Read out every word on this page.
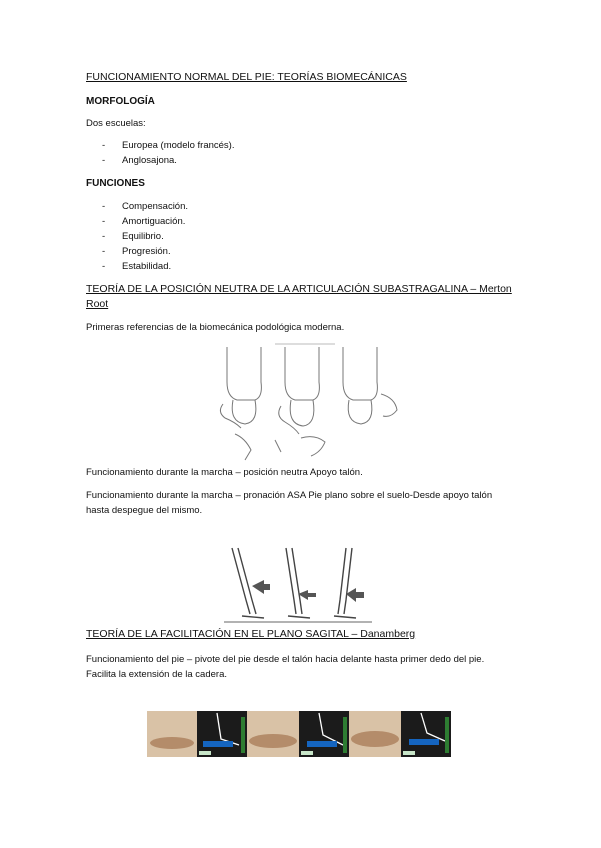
FUNCIONAMIENTO NORMAL DEL PIE: TEORÍAS BIOMECÁNICAS
MORFOLOGÍA
Dos escuelas:
- Europea (modelo francés).
- Anglosajona.
FUNCIONES
- Compensación.
- Amortiguación.
- Equilibrio.
- Progresión.
- Estabilidad.
TEORÍA DE LA POSICIÓN NEUTRA DE LA ARTICULACIÓN SUBASTRAGALINA – Merton
Root
Primeras referencias de la biomecánica podológica moderna.
Funcionamiento durante la marcha – posición neutra Apoyo talón.
Funcionamiento durante la marcha – pronación ASA Pie plano sobre el suelo-Desde apoyo talón
hasta despegue del mismo.
TEORÍA DE LA FACILITACIÓN EN EL PLANO SAGITAL – Danamberg
Funcionamiento del pie – pivote del pie desde el talón hacia delante hasta primer dedo del pie.
Facilita la extensión de la cadera.
